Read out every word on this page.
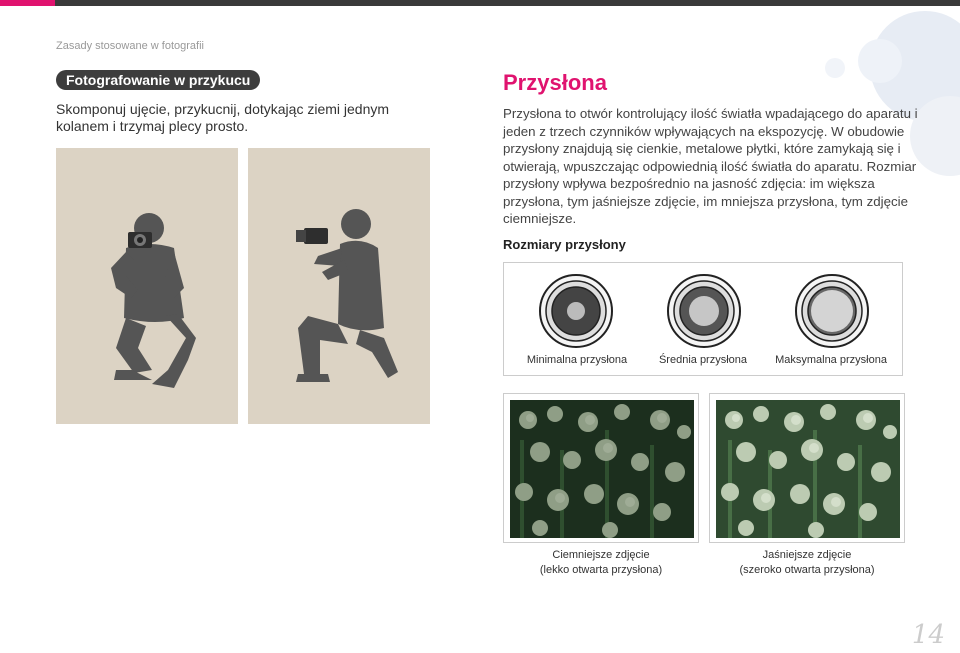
Zasady stosowane w fotografii
Fotografowanie w przykucu
Skomponuj ujęcie, przykucnij, dotykając ziemi jednym kolanem i trzymaj plecy prosto.
Przysłona
Przysłona to otwór kontrolujący ilość światła wpadającego do aparatu i jeden z trzech czynników wpływających na ekspozycję. W obudowie przysłony znajdują się cienkie, metalowe płytki, które zamykają się i otwierają, wpuszczając odpowiednią ilość światła do aparatu. Rozmiar przysłony wpływa bezpośrednio na jasność zdjęcia: im większa przysłona, tym jaśniejsze zdjęcie, im mniejsza przysłona, tym zdjęcie ciemniejsze.
Rozmiary przysłony
Minimalna przysłona	Średnia przysłona	Maksymalna przysłona
Ciemniejsze zdjęcie
(lekko otwarta przysłona)
Jaśniejsze zdjęcie
(szeroko otwarta przysłona)
14
